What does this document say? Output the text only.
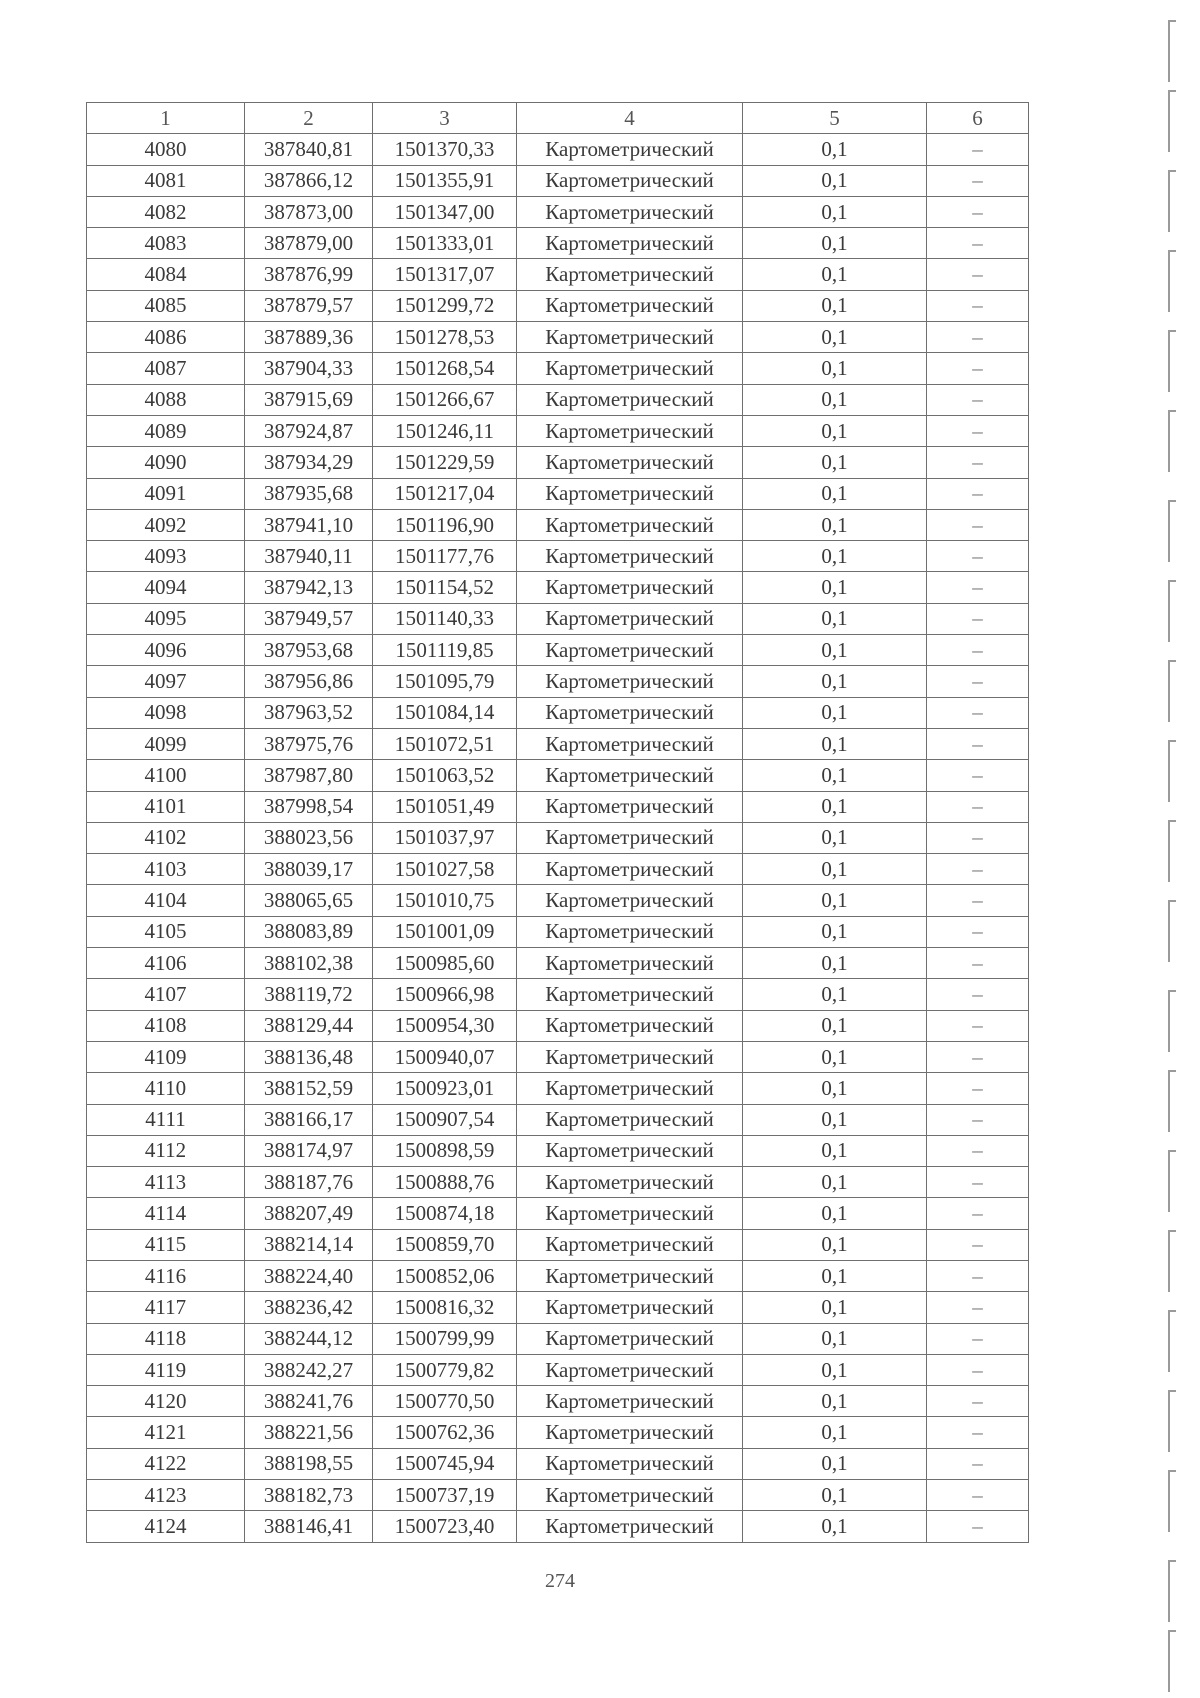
1	2	3	4	5	6
4080	387840,81	1501370,33	Картометрический	0,1	–
4081	387866,12	1501355,91	Картометрический	0,1	–
4082	387873,00	1501347,00	Картометрический	0,1	–
4083	387879,00	1501333,01	Картометрический	0,1	–
4084	387876,99	1501317,07	Картометрический	0,1	–
4085	387879,57	1501299,72	Картометрический	0,1	–
4086	387889,36	1501278,53	Картометрический	0,1	–
4087	387904,33	1501268,54	Картометрический	0,1	–
4088	387915,69	1501266,67	Картометрический	0,1	–
4089	387924,87	1501246,11	Картометрический	0,1	–
4090	387934,29	1501229,59	Картометрический	0,1	–
4091	387935,68	1501217,04	Картометрический	0,1	–
4092	387941,10	1501196,90	Картометрический	0,1	–
4093	387940,11	1501177,76	Картометрический	0,1	–
4094	387942,13	1501154,52	Картометрический	0,1	–
4095	387949,57	1501140,33	Картометрический	0,1	–
4096	387953,68	1501119,85	Картометрический	0,1	–
4097	387956,86	1501095,79	Картометрический	0,1	–
4098	387963,52	1501084,14	Картометрический	0,1	–
4099	387975,76	1501072,51	Картометрический	0,1	–
4100	387987,80	1501063,52	Картометрический	0,1	–
4101	387998,54	1501051,49	Картометрический	0,1	–
4102	388023,56	1501037,97	Картометрический	0,1	–
4103	388039,17	1501027,58	Картометрический	0,1	–
4104	388065,65	1501010,75	Картометрический	0,1	–
4105	388083,89	1501001,09	Картометрический	0,1	–
4106	388102,38	1500985,60	Картометрический	0,1	–
4107	388119,72	1500966,98	Картометрический	0,1	–
4108	388129,44	1500954,30	Картометрический	0,1	–
4109	388136,48	1500940,07	Картометрический	0,1	–
4110	388152,59	1500923,01	Картометрический	0,1	–
4111	388166,17	1500907,54	Картометрический	0,1	–
4112	388174,97	1500898,59	Картометрический	0,1	–
4113	388187,76	1500888,76	Картометрический	0,1	–
4114	388207,49	1500874,18	Картометрический	0,1	–
4115	388214,14	1500859,70	Картометрический	0,1	–
4116	388224,40	1500852,06	Картометрический	0,1	–
4117	388236,42	1500816,32	Картометрический	0,1	–
4118	388244,12	1500799,99	Картометрический	0,1	–
4119	388242,27	1500779,82	Картометрический	0,1	–
4120	388241,76	1500770,50	Картометрический	0,1	–
4121	388221,56	1500762,36	Картометрический	0,1	–
4122	388198,55	1500745,94	Картометрический	0,1	–
4123	388182,73	1500737,19	Картометрический	0,1	–
4124	388146,41	1500723,40	Картометрический	0,1	–
274
